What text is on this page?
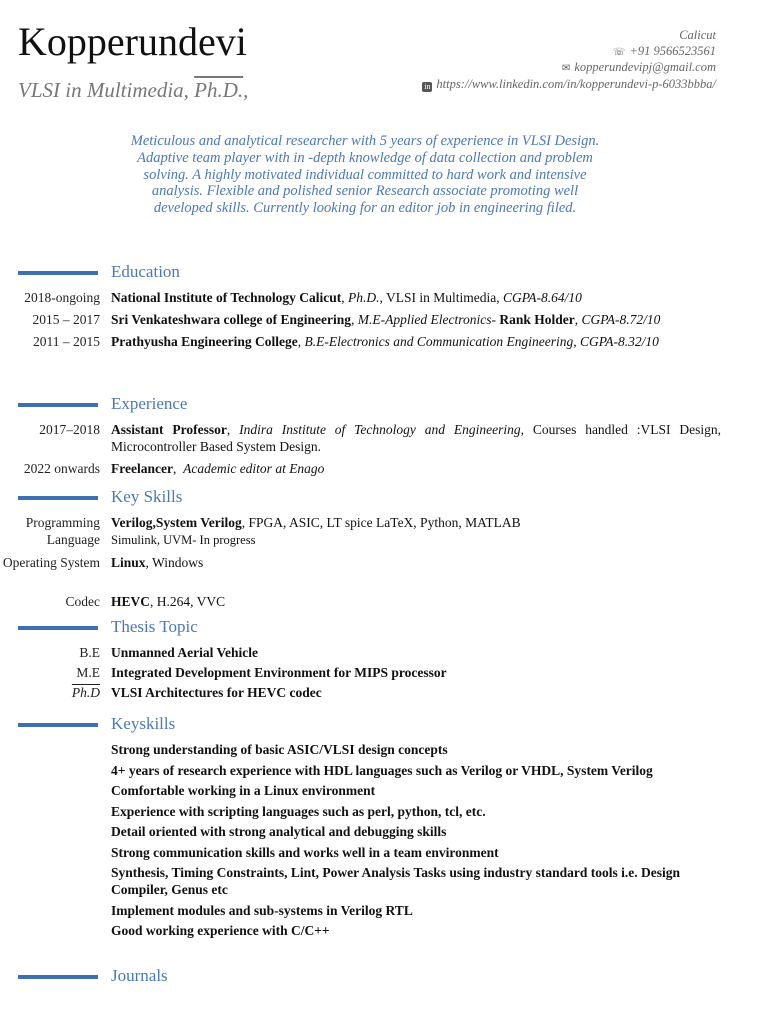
Kopperundevi
VLSI in Multimedia, Ph.D.,
Calicut
☏ +91 9566523561
✉ kopperundevipj@gmail.com
in https://www.linkedin.com/in/kopperundevi-p-6033bbba/
Meticulous and analytical researcher with 5 years of experience in VLSI Design. Adaptive team player with in -depth knowledge of data collection and problem solving. A highly motivated individual committed to hard work and intensive analysis. Flexible and polished senior Research associate promoting well developed skills. Currently looking for an editor job in engineering filed.
Education
2018-ongoing National Institute of Technology Calicut, Ph.D., VLSI in Multimedia, CGPA-8.64/10
2015 – 2017 Sri Venkateshwara college of Engineering, M.E-Applied Electronics- Rank Holder, CGPA-8.72/10
2011 – 2015 Prathyusha Engineering College, B.E-Electronics and Communication Engineering, CGPA-8.32/10
Experience
2017–2018 Assistant Professor, Indira Institute of Technology and Engineering, Courses handled :VLSI Design, Microcontroller Based System Design.
2022 onwards Freelancer,  Academic editor at Enago
Key Skills
Programming Language
Verilog,System Verilog, FPGA, ASIC, LT spice LaTeX, Python, MATLAB
Simulink, UVM- In progress
Operating System Linux, Windows
Codec HEVC, H.264, VVC
Thesis Topic
B.E Unmanned Aerial Vehicle
M.E Integrated Development Environment for MIPS processor
Ph.D VLSI Architectures for HEVC codec
Keyskills
Strong understanding of basic ASIC/VLSI design concepts
4+ years of research experience with HDL languages such as Verilog or VHDL, System Verilog
Comfortable working in a Linux environment
Experience with scripting languages such as perl, python, tcl, etc.
Detail oriented with strong analytical and debugging skills
Strong communication skills and works well in a team environment
Synthesis, Timing Constraints, Lint, Power Analysis Tasks using industry standard tools i.e. Design Compiler, Genus etc
Implement modules and sub-systems in Verilog RTL
Good working experience with C/C++
Journals
